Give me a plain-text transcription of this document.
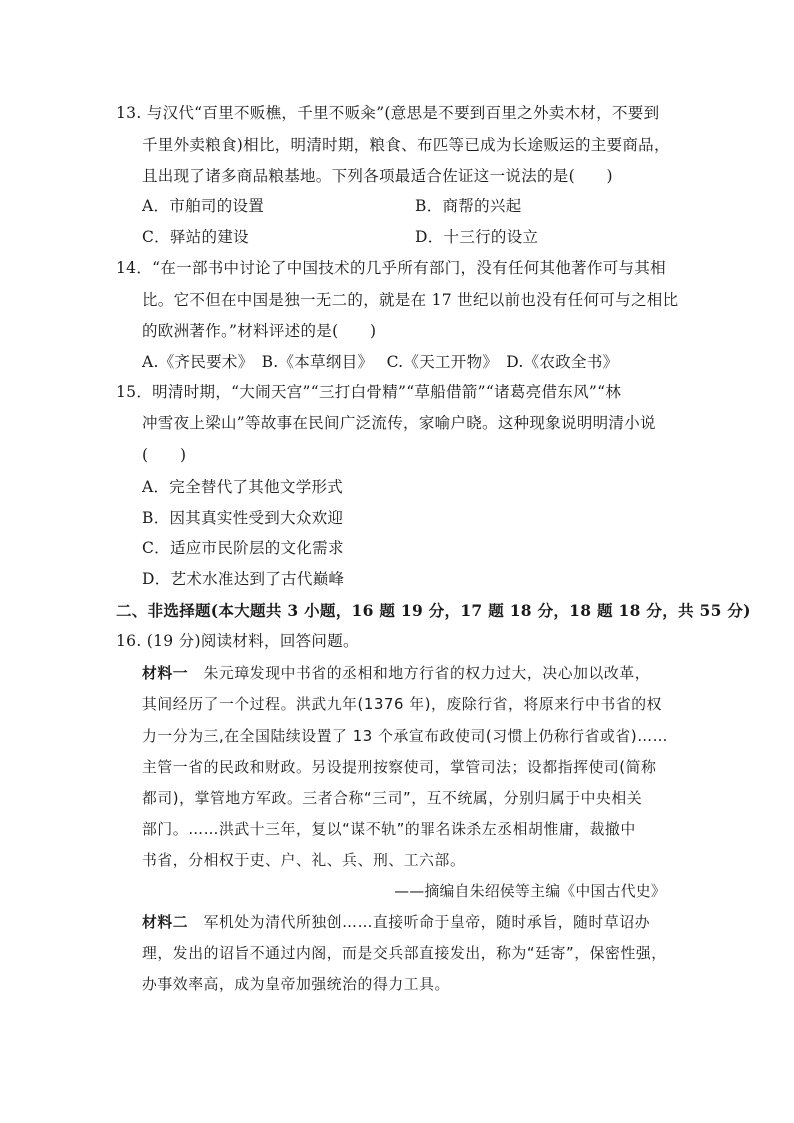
13. 与汉代“百里不贩樵，千里不贩籴”(意思是不要到百里之外卖木材，不要到
千里外卖粮食)相比，明清时期，粮食、布匹等已成为长途贩运的主要商品，
且出现了诸多商品粮基地。下列各项最适合佐证这一说法的是(　　)
A．市舶司的设置	B．商帮的兴起
C．驿站的建设	D．十三行的设立
14．“在一部书中讨论了中国技术的几乎所有部门，没有任何其他著作可与其相
比。它不但在中国是独一无二的，就是在 17 世纪以前也没有任何可与之相比
的欧洲著作。”材料评述的是(　　)
A.《齐民要术》　B.《本草纲目》　 C.《天工开物》　D.《农政全书》
15．明清时期，“大闹天宫”“三打白骨精”“草船借箭”“诸葛亮借东风”“林
冲雪夜上梁山”等故事在民间广泛流传，家喻户晓。这种现象说明明清小说
(　　)
A．完全替代了其他文学形式
B．因其真实性受到大众欢迎
C．适应市民阶层的文化需求
D．艺术水准达到了古代巅峰
二、非选择题(本大题共 3 小题，16 题 19 分，17 题 18 分，18 题 18 分，共 55 分)
16. (19 分)阅读材料，回答问题。
材料一　朱元璋发现中书省的丞相和地方行省的权力过大，决心加以改革，
其间经历了一个过程。洪武九年(1376 年)，废除行省，将原来行中书省的权
力一分为三,在全国陆续设置了 13 个承宣布政使司(习惯上仍称行省或省)……
主管一省的民政和财政。另设提刑按察使司，掌管司法；设都指挥使司(简称
都司)，掌管地方军政。三者合称“三司”，互不统属，分别归属于中央相关
部门。……洪武十三年，复以“谋不轨”的罪名诛杀左丞相胡惟庸，裁撤中
书省，分相权于吏、户、礼、兵、刑、工六部。
——摘编自朱绍侯等主编《中国古代史》
材料二　军机处为清代所独创……直接听命于皇帝，随时承旨，随时草诏办
理，发出的诏旨不通过内阁，而是交兵部直接发出，称为“廷寄”，保密性强，
办事效率高，成为皇帝加强统治的得力工具。
